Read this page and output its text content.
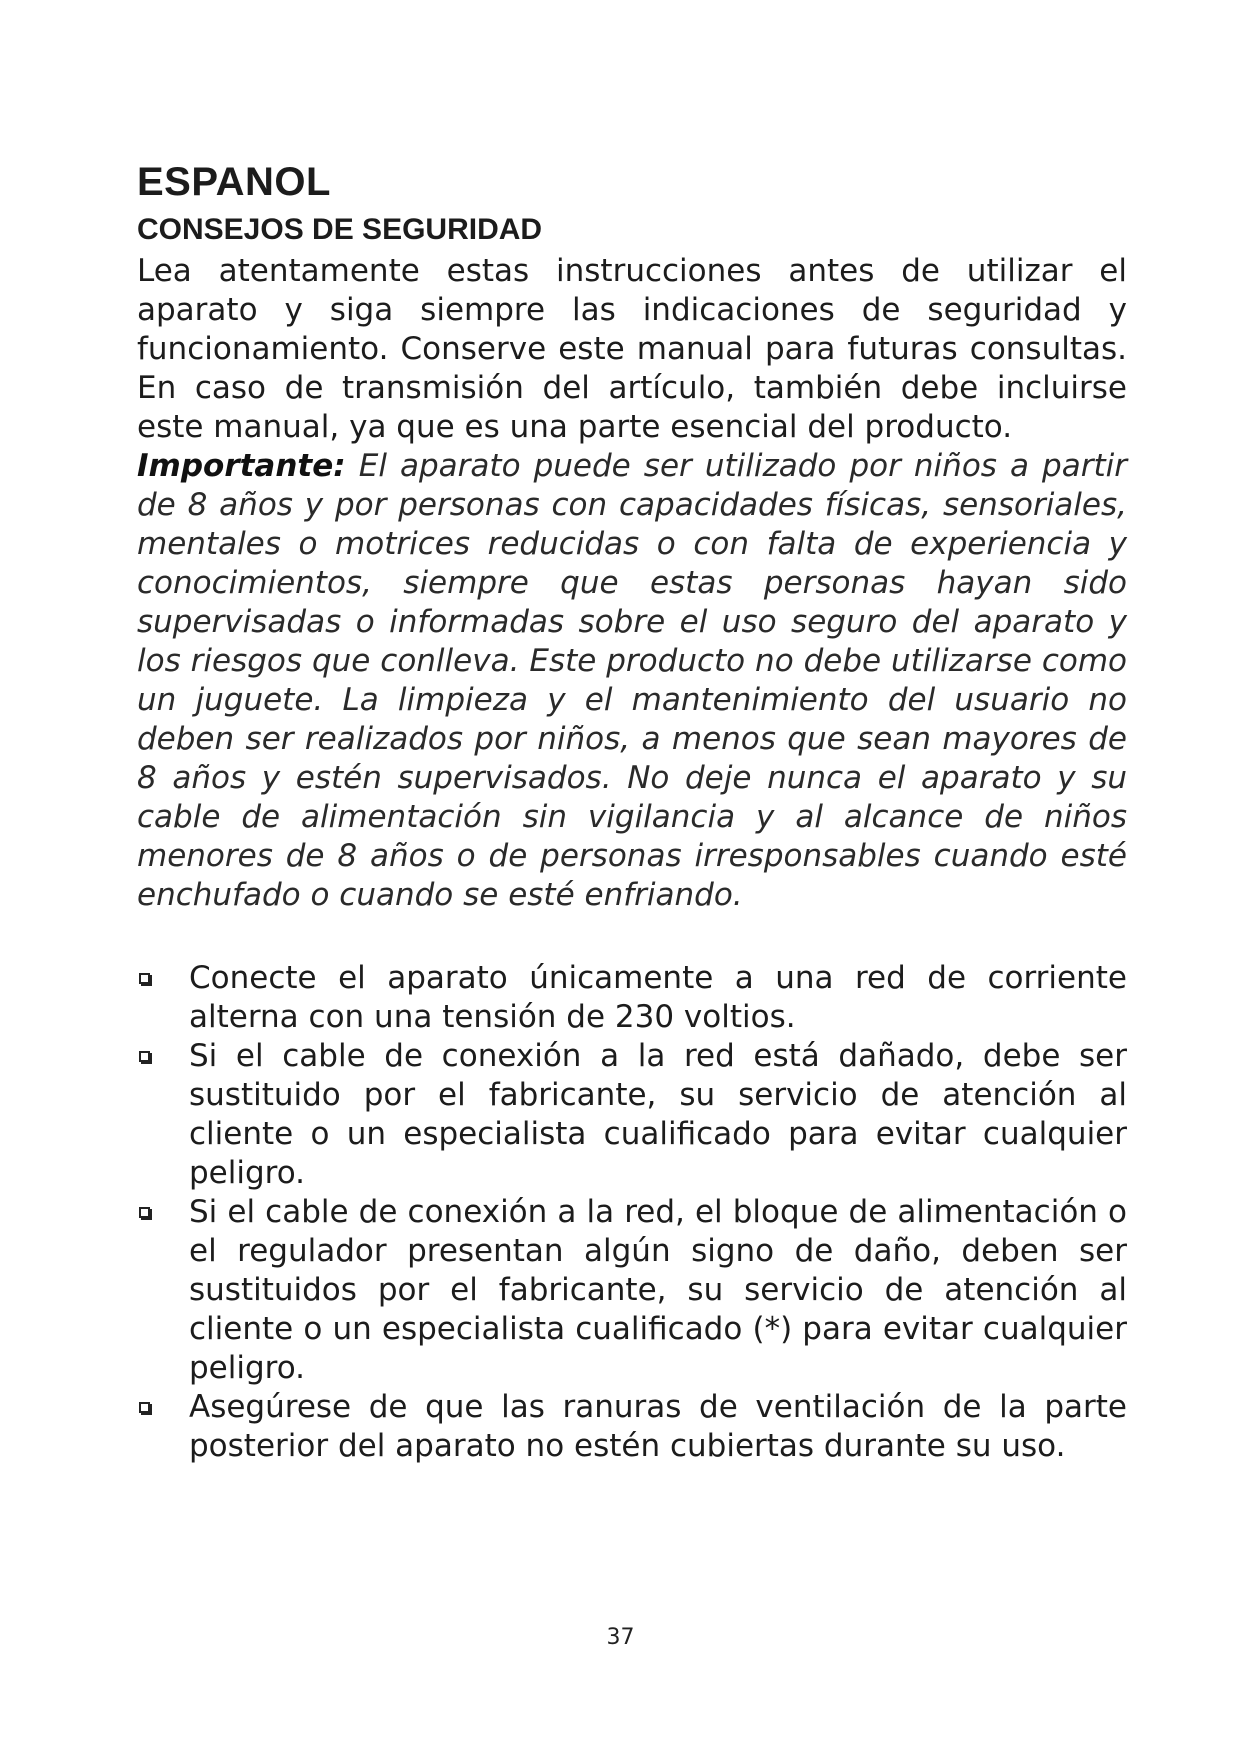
ESPANOL
CONSEJOS DE SEGURIDAD

Lea atentamente estas instrucciones antes de utilizar el aparato y siga siempre las indicaciones de seguridad y funcionamiento. Conserve este manual para futuras consultas. En caso de transmisión del artículo, también debe incluirse este manual, ya que es una parte esencial del producto.

Importante: El aparato puede ser utilizado por niños a partir de 8 años y por personas con capacidades físicas, sensoriales, mentales o motrices reducidas o con falta de experiencia y conocimientos, siempre que estas personas hayan sido supervisadas o informadas sobre el uso seguro del aparato y los riesgos que conlleva. Este producto no debe utilizarse como un juguete. La limpieza y el mantenimiento del usuario no deben ser realizados por niños, a menos que sean mayores de 8 años y estén supervisados. No deje nunca el aparato y su cable de alimentación sin vigilancia y al alcance de niños menores de 8 años o de personas irresponsables cuando esté enchufado o cuando se esté enfriando.

Conecte el aparato únicamente a una red de corriente alterna con una tensión de 230 voltios.
Si el cable de conexión a la red está dañado, debe ser sustituido por el fabricante, su servicio de atención al cliente o un especialista cualificado para evitar cualquier peligro.
Si el cable de conexión a la red, el bloque de alimentación o el regulador presentan algún signo de daño, deben ser sustituidos por el fabricante, su servicio de atención al cliente o un especialista cualificado (*) para evitar cualquier peligro.
Asegúrese de que las ranuras de ventilación de la parte posterior del aparato no estén cubiertas durante su uso.
37
